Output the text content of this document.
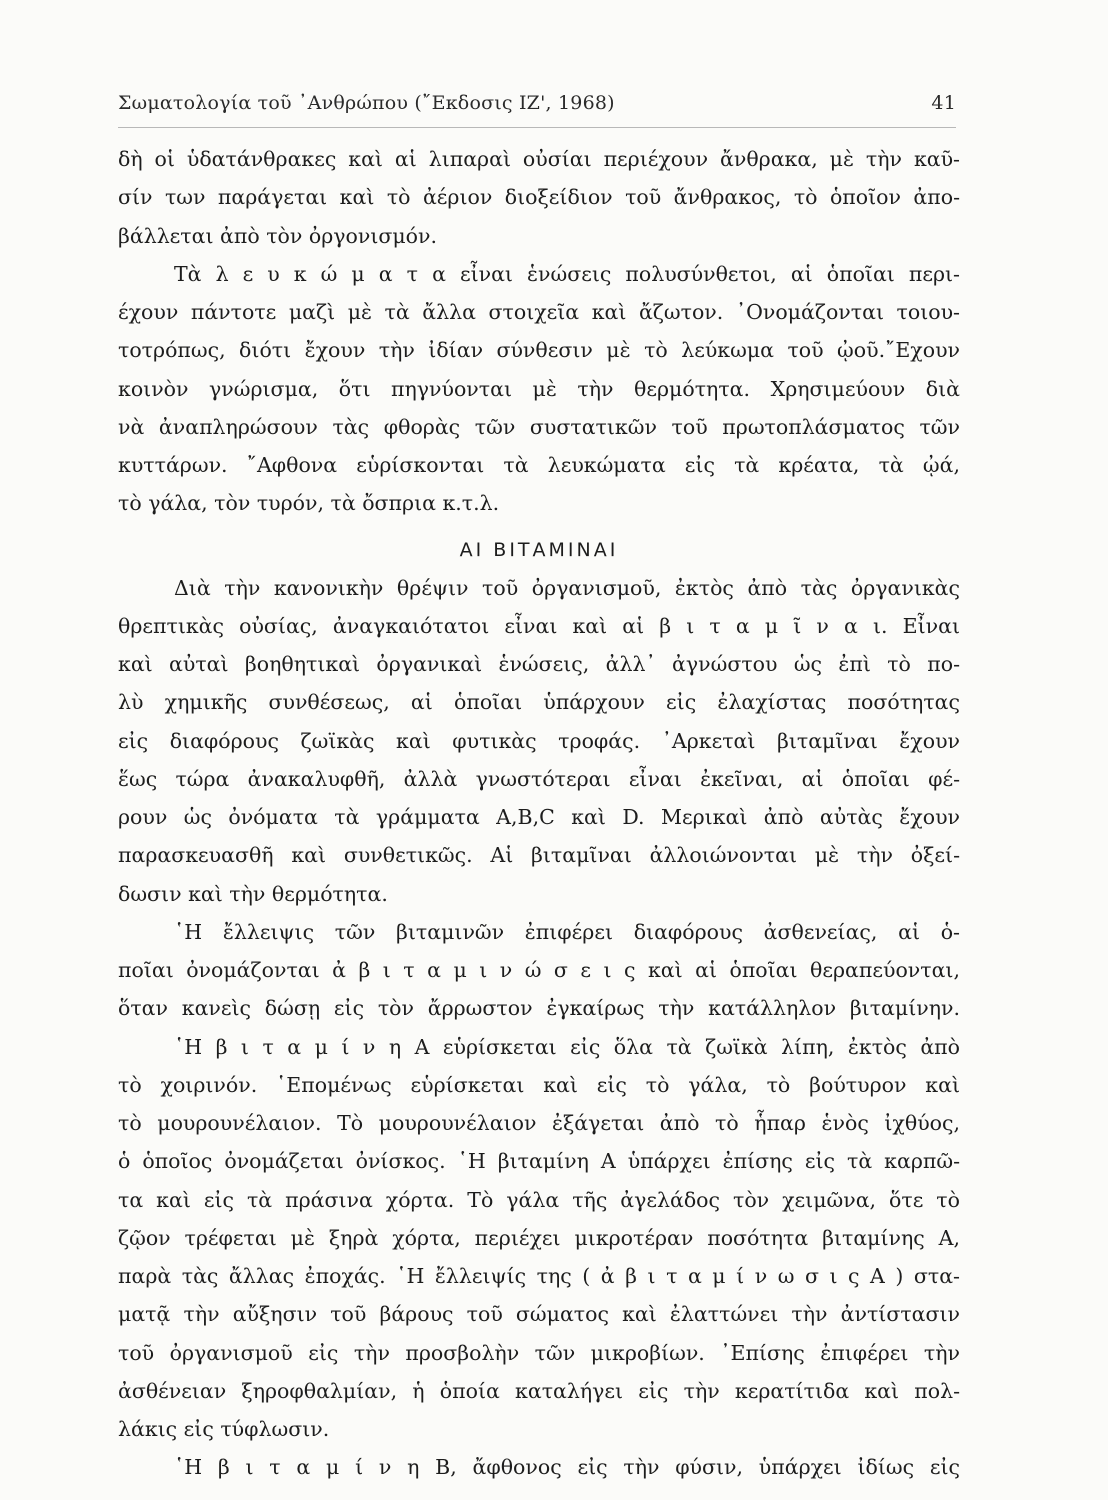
Σωματολογία τοῦ ᾿Ανθρώπου (῎Εκδοσις ΙΖ', 1968)	41
δὴ οἱ ὑδατάνθρακες καὶ αἱ λιπαραὶ οὐσίαι περιέχουν ἄνθρακα, μὲ τὴν καῦ-
σίν των παράγεται καὶ τὸ ἀέριον διοξείδιον τοῦ ἄνθρακος, τὸ ὁποῖον ἀπο-
βάλλεται ἀπὸ τὸν ὀργονισμόν.
Τὰ λ ε υ κ ώ μ α τ α εἶναι ἑνώσεις πολυσύνθετοι, αἱ ὁποῖαι περι-
έχουν πάντοτε μαζὶ μὲ τὰ ἄλλα στοιχεῖα καὶ ἄζωτον. ᾿Ονομάζονται τοιου-
τοτρόπως, διότι ἔχουν τὴν ἰδίαν σύνθεσιν μὲ τὸ λεύκωμα τοῦ ᾠοῦ.῎Εχουν
κοινὸν γνώρισμα, ὅτι πηγνύονται μὲ τὴν θερμότητα. Χρησιμεύουν διὰ
νὰ ἀναπληρώσουν τὰς φθορὰς τῶν συστατικῶν τοῦ πρωτοπλάσματος τῶν
κυττάρων. ῎Αφθονα εὑρίσκονται τὰ λευκώματα εἰς τὰ κρέατα, τὰ ᾠά,
τὸ γάλα, τὸν τυρόν, τὰ ὄσπρια κ.τ.λ.
ΑΙ ΒΙΤΑΜΙΝΑΙ
Διὰ τὴν κανονικὴν θρέψιν τοῦ ὀργανισμοῦ, ἐκτὸς ἀπὸ τὰς ὀργανικὰς
θρεπτικὰς οὐσίας, ἀναγκαιότατοι εἶναι καὶ αἱ β ι τ α μ ῖ ν α ι. Εἶναι
καὶ αὐταὶ βοηθητικαὶ ὀργανικαὶ ἑνώσεις, ἀλλ᾿ ἀγνώστου ὡς ἐπὶ τὸ πο-
λὺ χημικῆς συνθέσεως, αἱ ὁποῖαι ὑπάρχουν εἰς ἐλαχίστας ποσότητας
εἰς διαφόρους ζωϊκὰς καὶ φυτικὰς τροφάς. ᾿Αρκεταὶ βιταμῖναι ἔχουν
ἕως τώρα ἀνακαλυφθῆ, ἀλλὰ γνωστότεραι εἶναι ἐκεῖναι, αἱ ὁποῖαι φέ-
ρουν ὡς ὀνόματα τὰ γράμματα A,B,C καὶ D. Μερικαὶ ἀπὸ αὐτὰς ἔχουν
παρασκευασθῆ καὶ συνθετικῶς. Αἱ βιταμῖναι ἀλλοιώνονται μὲ τὴν ὀξεί-
δωσιν καὶ τὴν θερμότητα.
῾Η ἔλλειψις τῶν βιταμινῶν ἐπιφέρει διαφόρους ἀσθενείας, αἱ ὁ-
ποῖαι ὀνομάζονται ἀ β ι τ α μ ι ν ώ σ ε ι ς καὶ αἱ ὁποῖαι θεραπεύονται,
ὅταν κανεὶς δώσῃ εἰς τὸν ἄρρωστον ἐγκαίρως τὴν κατάλληλον βιταμίνην.
῾Η β ι τ α μ ί ν η Α εὑρίσκεται εἰς ὅλα τὰ ζωϊκὰ λίπη, ἐκτὸς ἀπὸ
τὸ χοιρινόν. ῾Επομένως εὑρίσκεται καὶ εἰς τὸ γάλα, τὸ βούτυρον καὶ
τὸ μουρουνέλαιον. Τὸ μουρουνέλαιον ἐξάγεται ἀπὸ τὸ ἧπαρ ἑνὸς ἰχθύος,
ὁ ὁποῖος ὀνομάζεται ὀνίσκος. ῾Η βιταμίνη Α ὑπάρχει ἐπίσης εἰς τὰ καρπῶ-
τα καὶ εἰς τὰ πράσινα χόρτα. Τὸ γάλα τῆς ἀγελάδος τὸν χειμῶνα, ὅτε τὸ
ζῷον τρέφεται μὲ ξηρὰ χόρτα, περιέχει μικροτέραν ποσότητα βιταμίνης Α,
παρὰ τὰς ἄλλας ἐποχάς. ῾Η ἔλλειψίς της ( ἀ β ι τ α μ ί ν ω σ ι ς Α ) στα-
ματᾷ τὴν αὔξησιν τοῦ βάρους τοῦ σώματος καὶ ἐλαττώνει τὴν ἀντίστασιν
τοῦ ὀργανισμοῦ εἰς τὴν προσβολὴν τῶν μικροβίων. ᾿Επίσης ἐπιφέρει τὴν
ἀσθένειαν ξηροφθαλμίαν, ἡ ὁποία καταλήγει εἰς τὴν κερατίτιδα καὶ πολ-
λάκις εἰς τύφλωσιν.
῾Η β ι τ α μ ί ν η Β, ἄφθονος εἰς τὴν φύσιν, ὑπάρχει ἰδίως εἰς
